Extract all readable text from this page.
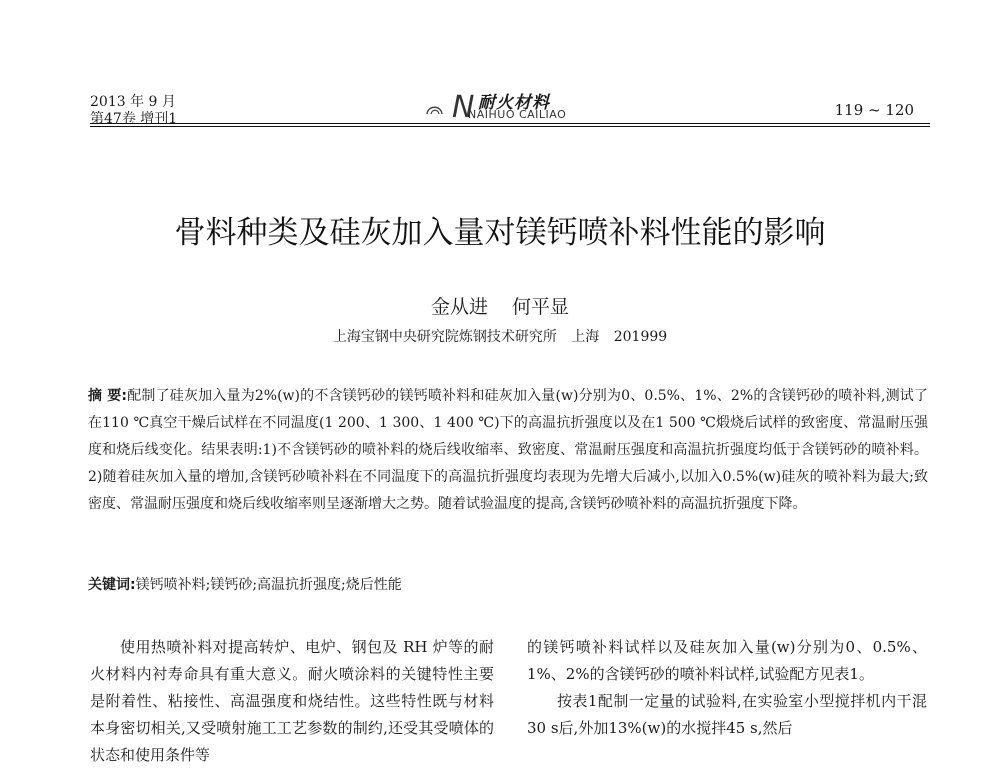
2013 年 9 月
第47卷 增刊1	N 耐火材料
NAIHUO CAILIAO	119 ~ 120
骨料种类及硅灰加入量对镁钙喷补料性能的影响
金从进 何平显
上海宝钢中央研究院炼钢技术研究所 上海 201999
摘 要:配制了硅灰加入量为2%(w)的不含镁钙砂的镁钙喷补料和硅灰加入量(w)分别为0、0.5%、1%、2%的含镁钙砂的喷补料,测试了在110 ℃真空干燥后试样在不同温度(1 200、1 300、1 400 ℃)下的高温抗折强度以及在1 500 ℃煅烧后试样的致密度、常温耐压强度和烧后线变化。结果表明:1)不含镁钙砂的喷补料的烧后线收缩率、致密度、常温耐压强度和高温抗折强度均低于含镁钙砂的喷补料。2)随着硅灰加入量的增加,含镁钙砂喷补料在不同温度下的高温抗折强度均表现为先增大后减小,以加入0.5%(w)硅灰的喷补料为最大;致密度、常温耐压强度和烧后线收缩率则呈逐渐增大之势。随着试验温度的提高,含镁钙砂喷补料的高温抗折强度下降。
关键词:镁钙喷补料;镁钙砂;高温抗折强度;烧后性能

使用热喷补料对提高转炉、电炉、钢包及 RH 炉等的耐火材料内衬寿命具有重大意义。耐火喷涂料的关键特性主要是附着性、粘接性、高温强度和烧结性。这些特性既与材料本身密切相关,又受喷射施工工艺参数的制约,还受其受喷体的状态和使用条件等

的镁钙喷补料试样以及硅灰加入量(w)分别为0、0.5%、1%、2%的含镁钙砂的喷补料试样,试验配方见表1。

按表1配制一定量的试验料,在实验室小型搅拌机内干混30 s后,外加13%(w)的水搅拌45 s,然后
